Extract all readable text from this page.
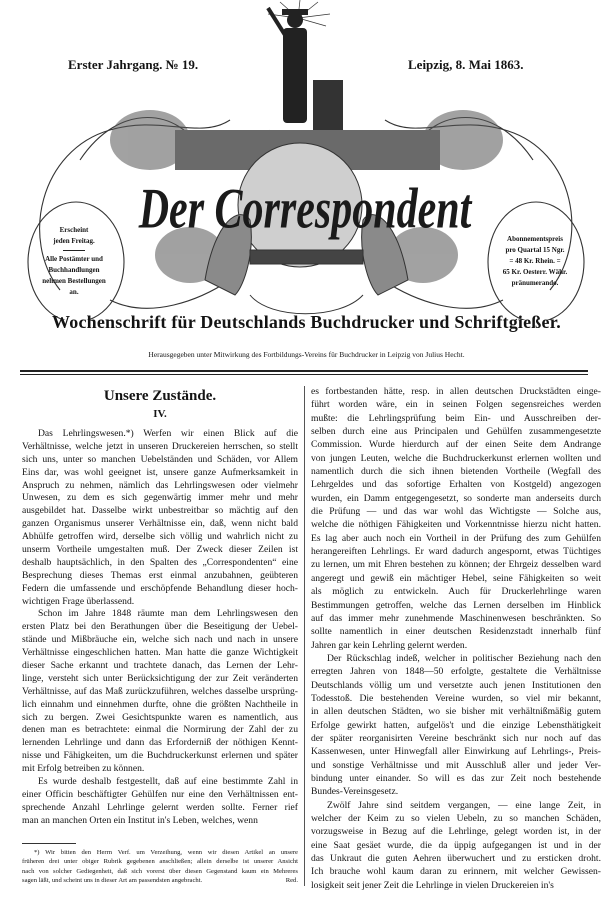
Erster Jahrgang. № 19.	Leipzig, 8. Mai 1863.
Der Correspondent
Erscheint
jeden Freitag.
Alle Postämter und
Buchhandlungen
nehmen Bestellungen
an.
Abonnementspreis
pro Quartal 15 Ngr.
= 48 Kr. Rhein. =
65 Kr. Oesterr. Währ.
pränumerando.
Wochenschrift für Deutschlands Buchdrucker und Schriftgießer.
Herausgegeben unter Mitwirkung des Fortbildungs-Vereins für Buchdrucker in Leipzig von Julius Hecht.
Unsere Zustände.
IV.
Das Lehrlingswesen.*) Werfen wir einen Blick auf die
Verhältnisse, welche jetzt in unseren Druckereien herrschen, so stellt
sich uns, unter so manchen Uebelständen und Schäden, vor Allem
Eins dar, was wohl geeignet ist, unsere ganze Aufmerksamkeit in
Anspruch zu nehmen, nämlich das Lehrlingswesen oder vielmehr
Unwesen, zu dem es sich gegenwärtig immer mehr und mehr
ausgebildet hat. Dasselbe wirkt unbestreitbar so mächtig auf den
ganzen Organismus unserer Verhältnisse ein, daß, wenn nicht bald
Abhülfe getroffen wird, derselbe sich völlig und wahrlich nicht zu
unserm Vortheile umgestalten muß. Der Zweck dieser Zeilen ist
deshalb hauptsächlich, in den Spalten des „Correspondenten“ eine
Besprechung dieses Themas erst einmal anzubahnen, geübteren
Federn die umfassende und erschöpfende Behandlung dieser hoch-
wichtigen Frage überlassend.
Schon im Jahre 1848 räumte man dem Lehrlingswesen den
ersten Platz bei den Berathungen über die Beseitigung der Uebel-
stände und Mißbräuche ein, welche sich nach und nach in unsere
Verhältnisse eingeschlichen hatten. Man hatte die ganze Wichtigkeit
dieser Sache erkannt und trachtete danach, das Lernen der Lehr-
linge, versteht sich unter Berücksichtigung der zur Zeit veränderten
Verhältnisse, auf das Maß zurückzuführen, welches dasselbe ursprüng-
lich einnahm und einnehmen durfte, ohne die größten Nachtheile in
sich zu bergen. Zwei Gesichtspunkte waren es namentlich, aus
denen man es betrachtete: einmal die Normirung der Zahl der zu
lernenden Lehrlinge und dann das Erforderniß der nöthigen Kennt-
nisse und Fähigkeiten, um die Buchdruckerkunst erlernen und später
mit Erfolg betreiben zu können.
Es wurde deshalb festgestellt, daß auf eine bestimmte Zahl in
einer Officin beschäftigter Gehülfen nur eine den Verhältnissen ent-
sprechende Anzahl Lehrlinge gelernt werden sollte. Ferner rief
man an manchen Orten ein Institut in's Leben, welches, wenn
es fortbestanden hätte, resp. in allen deutschen Druckstädten einge-
führt worden wäre, ein in seinen Folgen segensreiches werden
mußte: die Lehrlingsprüfung beim Ein- und Ausschreiben der-
selben durch eine aus Principalen und Gehülfen zusammengesetzte
Commission. Wurde hierdurch auf der einen Seite dem Andrange
von jungen Leuten, welche die Buchdruckerkunst erlernen wollten und
namentlich durch die sich ihnen bietenden Vortheile (Wegfall des
Lehrgeldes und das sofortige Erhalten von Kostgeld) angezogen
wurden, ein Damm entgegengesetzt, so sonderte man anderseits durch
die Prüfung — und das war wohl das Wichtigste — Solche aus,
welche die nöthigen Fähigkeiten und Vorkenntnisse hierzu nicht hatten.
Es lag aber auch noch ein Vortheil in der Prüfung des zum Gehülfen
herangereiften Lehrlings. Er ward dadurch angespornt, etwas Tüchtiges
zu lernen, um mit Ehren bestehen zu können; der Ehrgeiz desselben ward
angeregt und gewiß ein mächtiger Hebel, seine Fähigkeiten so weit
als möglich zu entwickeln. Auch für Druckerlehrlinge waren
Bestimmungen getroffen, welche das Lernen derselben im Hinblick
auf das immer mehr zunehmende Maschinenwesen beschränkten. So
sollte namentlich in einer deutschen Residenzstadt innerhalb fünf
Jahren gar kein Lehrling gelernt werden.
Der Rückschlag indeß, welcher in politischer Beziehung nach den
erregten Jahren von 1848—50 erfolgte, gestaltete die Verhältnisse
Deutschlands völlig um und versetzte auch jenen Institutionen den
Todesstoß. Die bestehenden Vereine wurden, so viel mir bekannt,
in allen deutschen Städten, wo sie bisher mit verhältnißmäßig gutem
Erfolge gewirkt hatten, aufgelös't und die einzige Lebensthätigkeit
der später reorganisirten Vereine beschränkt sich nur noch auf das
Kassenwesen, unter Hinwegfall aller Einwirkung auf Lehrlings-, Preis-
und sonstige Verhältnisse und mit Ausschluß aller und jeder Ver-
bindung unter einander. So will es das zur Zeit noch bestehende
Bundes-Vereinsgesetz.
Zwölf Jahre sind seitdem vergangen, — eine lange Zeit, in
welcher der Keim zu so vielen Uebeln, zu so manchen Schäden,
vorzugsweise in Bezug auf die Lehrlinge, gelegt worden ist, in der
eine Saat gesäet wurde, die da üppig aufgegangen ist und in der
das Unkraut die guten Aehren überwuchert und zu ersticken droht.
Ich brauche wohl kaum daran zu erinnern, mit welcher Gewissen-
losigkeit seit jener Zeit die Lehrlinge in vielen Druckereien in's
*) Wir bitten den Herrn Verf. um Verzeihung, wenn wir diesen Artikel an unsere
früheren drei unter obiger Rubrik gegebenen anschließen; allein derselbe ist unserer Ansicht
nach von solcher Gediegenheit, daß sich vorerst über diesen Gegenstand kaum ein Mehreres
Red.
sagen läßt, und scheint uns in dieser Art am passendsten angebracht.
